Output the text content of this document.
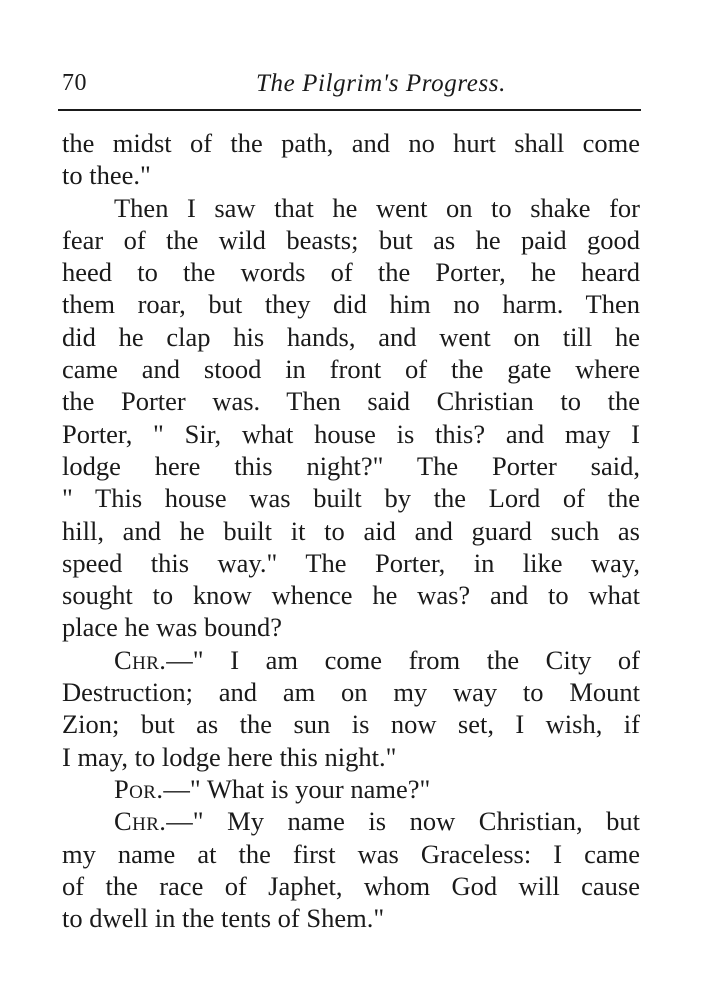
70	The Pilgrim's Progress.
the midst of the path, and no hurt shall come
to thee."
Then I saw that he went on to shake for
fear of the wild beasts; but as he paid good
heed to the words of the Porter, he heard
them roar, but they did him no harm. Then
did he clap his hands, and went on till he
came and stood in front of the gate where
the Porter was. Then said Christian to the
Porter, " Sir, what house is this? and may I
lodge here this night?" The Porter said,
" This house was built by the Lord of the
hill, and he built it to aid and guard such as
speed this way." The Porter, in like way,
sought to know whence he was? and to what
place he was bound?
Chr.—" I am come from the City of
Destruction; and am on my way to Mount
Zion; but as the sun is now set, I wish, if
I may, to lodge here this night."
Por.—" What is your name?"
Chr.—" My name is now Christian, but
my name at the first was Graceless: I came
of the race of Japhet, whom God will cause
to dwell in the tents of Shem."
